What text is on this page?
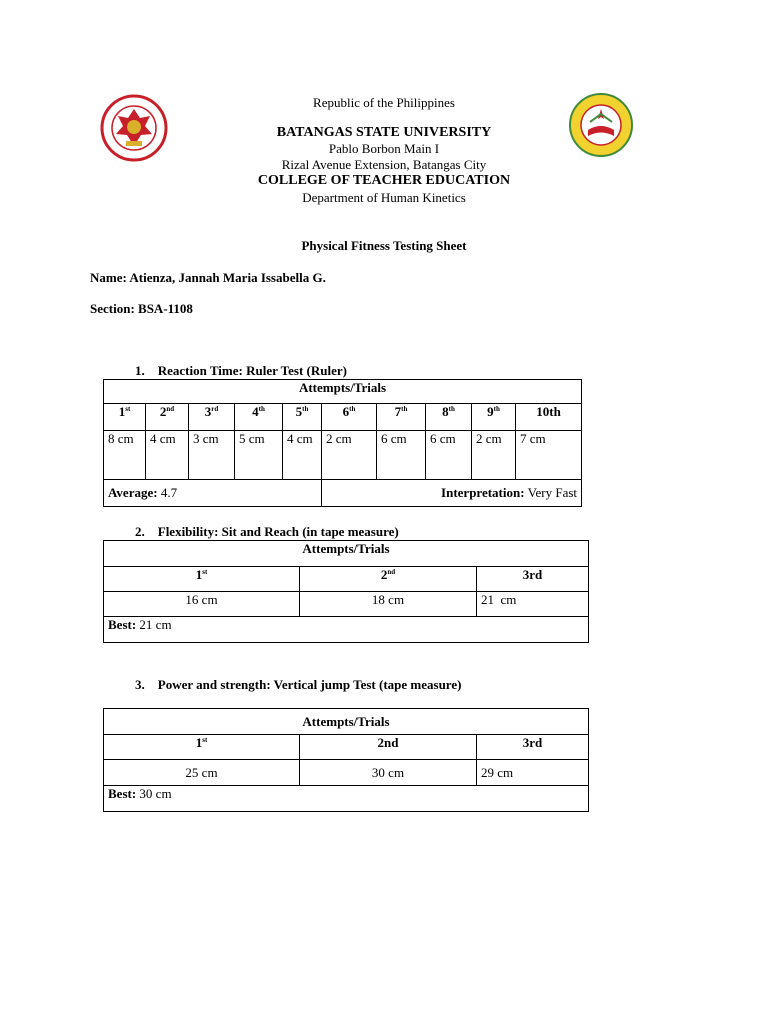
Republic of the Philippines
BATANGAS STATE UNIVERSITY
Pablo Borbon Main I
Rizal Avenue Extension, Batangas City
COLLEGE OF TEACHER EDUCATION
Department of Human Kinetics
Physical Fitness Testing Sheet
Name: Atienza, Jannah Maria Issabella G.
Section: BSA-1108
1. Reaction Time: Ruler Test (Ruler)
Attempts/Trials									
1st	2nd	3rd	4th	5th	6th	7th	8th	9th	10th
8 cm	4 cm	3 cm	5 cm	4 cm	2 cm	6 cm	6 cm	2 cm	7 cm
Average: 4.7					Interpretation: Very Fast				
2. Flexibility: Sit and Reach (in tape measure)
Attempts/Trials		
1st	2nd	3rd
16 cm	18 cm	21  cm
Best: 21 cm		
3. Power and strength: Vertical jump Test (tape measure)
Attempts/Trials		
1st	2nd	3rd
25 cm	30 cm	29 cm
Best: 30 cm		
